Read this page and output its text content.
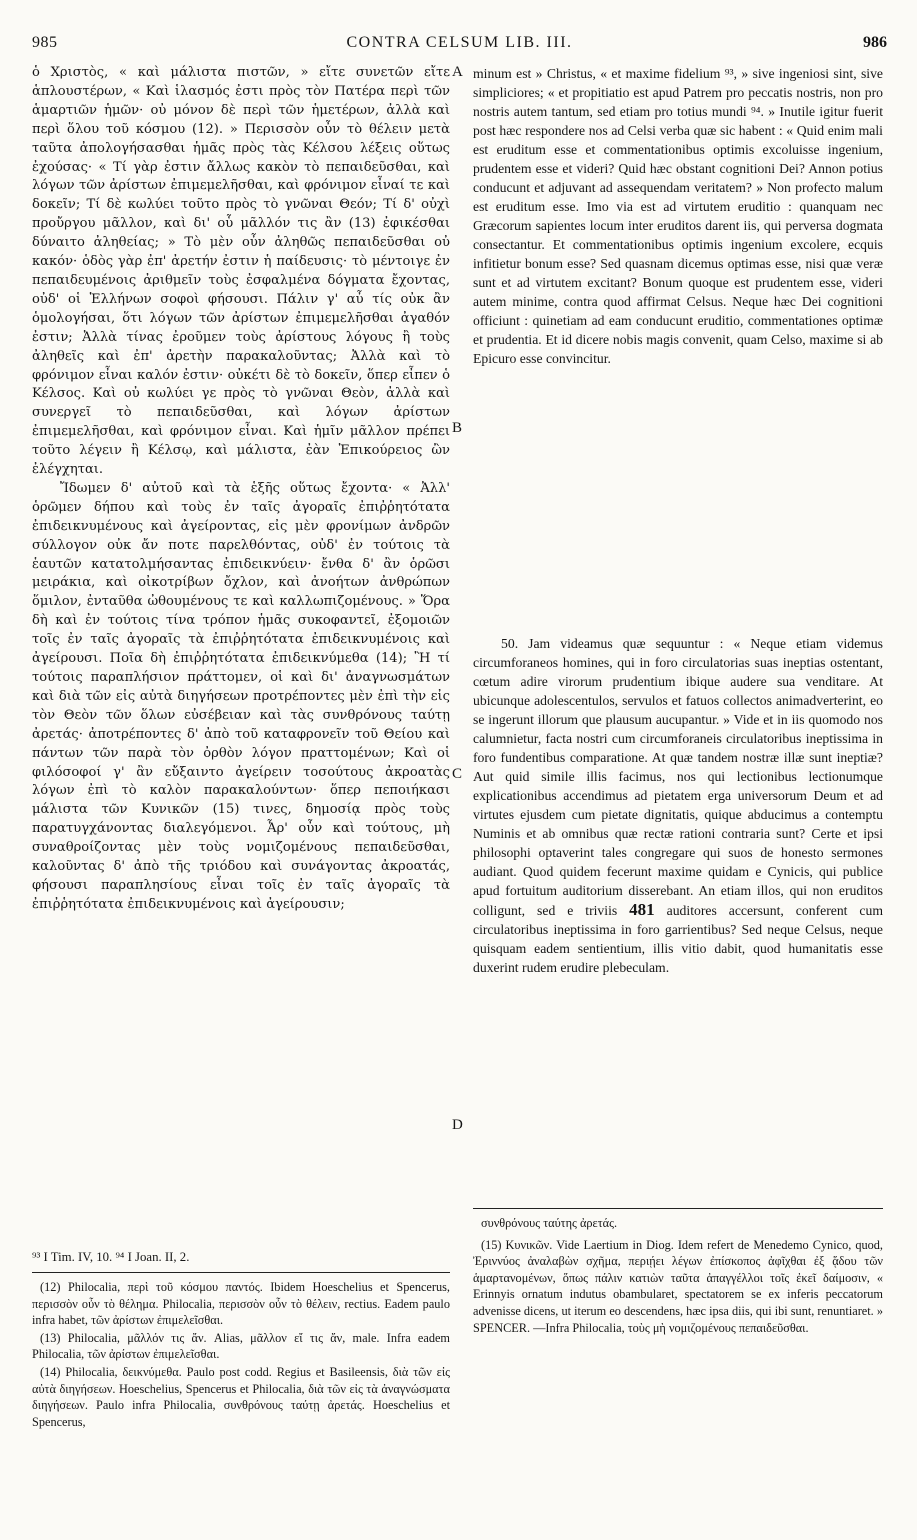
985	CONTRA CELSUM LIB. III.	986

ὁ Χριστὸς, « καὶ μάλιστα πιστῶν, » εἴτε συνετῶν εἴτε ἁπλουστέρων, « Καὶ ἱλασμός ἐστι πρὸς τὸν Πατέρα περὶ τῶν ἁμαρτιῶν ἡμῶν· οὐ μόνον δὲ περὶ τῶν ἡμετέρων, ἀλλὰ καὶ περὶ ὅλου τοῦ κόσμου (12). » Περισσὸν οὖν τὸ θέλειν μετὰ ταῦτα ἀπολογήσασθαι ἡμᾶς πρὸς τὰς Κέλσου λέξεις οὕτως ἐχούσας· « Τί γὰρ ἐστιν ἄλλως κακὸν τὸ πεπαιδεῦσθαι, καὶ λόγων τῶν ἀρίστων ἐπιμεμελῆσθαι, καὶ φρόνιμον εἶναί τε καὶ δοκεῖν; Τί δὲ κωλύει τοῦτο πρὸς τὸ γνῶναι Θεόν; Τί δ' οὐχὶ προὔργου μᾶλλον, καὶ δι' οὗ μᾶλλόν τις ἂν (13) ἐφικέσθαι δύναιτο ἀληθείας; » Τὸ μὲν οὖν ἀληθῶς πεπαιδεῦσθαι οὐ κακόν· ὁδὸς γὰρ ἐπ' ἀρετήν ἐστιν ἡ παίδευσις· τὸ μέντοιγε ἐν πεπαιδευμένοις ἀριθμεῖν τοὺς ἐσφαλμένα δόγματα ἔχοντας, οὐδ' οἱ Ἑλλήνων σοφοὶ φήσουσι. Πάλιν γ' αὖ τίς οὐκ ἂν ὁμολογήσαι, ὅτι λόγων τῶν ἀρίστων ἐπιμεμελῆσθαι ἀγαθόν ἐστιν; Ἀλλὰ τίνας ἐροῦμεν τοὺς ἀρίστους λόγους ἢ τοὺς ἀληθεῖς καὶ ἐπ' ἀρετὴν παρακαλοῦντας; Ἀλλὰ καὶ τὸ φρόνιμον εἶναι καλόν ἐστιν· οὐκέτι δὲ τὸ δοκεῖν, ὅπερ εἶπεν ὁ Κέλσος. Καὶ οὐ κωλύει γε πρὸς τὸ γνῶναι Θεὸν, ἀλλὰ καὶ συνεργεῖ τὸ πεπαιδεῦσθαι, καὶ λόγων ἀρίστων ἐπιμεμελῆσθαι, καὶ φρόνιμον εἶναι. Καὶ ἡμῖν μᾶλλον πρέπει τοῦτο λέγειν ἢ Κέλσῳ, καὶ μάλιστα, ἐὰν Ἐπικούρειος ὢν ἐλέγχηται.

Ἴδωμεν δ' αὐτοῦ καὶ τὰ ἑξῆς οὕτως ἔχοντα· « Ἀλλ' ὁρῶμεν δήπου καὶ τοὺς ἐν ταῖς ἀγοραῖς ἐπιῤῥητότατα ἐπιδεικνυμένους καὶ ἀγείροντας, εἰς μὲν φρονίμων ἀνδρῶν σύλλογον οὐκ ἄν ποτε παρελθόντας, οὐδ' ἐν τούτοις τὰ ἑαυτῶν κατατολμήσαντας ἐπιδεικνύειν· ἔνθα δ' ἂν ὁρῶσι μειράκια, καὶ οἰκοτρίβων ὄχλον, καὶ ἀνοήτων ἀνθρώπων ὅμιλον, ἐνταῦθα ὠθουμένους τε καὶ καλλωπιζομένους. » Ὅρα δὴ καὶ ἐν τούτοις τίνα τρόπον ἡμᾶς συκοφαντεῖ, ἐξομοιῶν τοῖς ἐν ταῖς ἀγοραῖς τὰ ἐπιῤῥητότατα ἐπιδεικνυμένοις καὶ ἀγείρουσι. Ποῖα δὴ ἐπιῤῥητότατα ἐπιδεικνύμεθα (14); Ἢ τί τούτοις παραπλήσιον πράττομεν, οἱ καὶ δι' ἀναγνωσμάτων καὶ διὰ τῶν εἰς αὐτὰ διηγήσεων προτρέποντες μὲν ἐπὶ τὴν εἰς τὸν Θεὸν τῶν ὅλων εὐσέβειαν καὶ τὰς συνθρόνους ταύτῃ ἀρετάς· ἀποτρέποντες δ' ἀπὸ τοῦ καταφρονεῖν τοῦ Θείου καὶ πάντων τῶν παρὰ τὸν ὀρθὸν λόγον πραττομένων; Καὶ οἱ φιλόσοφοί γ' ἂν εὔξαιντο ἀγείρειν τοσούτους ἀκροατὰς λόγων ἐπὶ τὸ καλὸν παρακαλούντων· ὅπερ πεποιήκασι μάλιστα τῶν Κυνικῶν (15) τινες, δημοσίᾳ πρὸς τοὺς παρατυγχάνοντας διαλεγόμενοι. Ἆρ' οὖν καὶ τούτους, μὴ συναθροίζοντας μὲν τοὺς νομιζομένους πεπαιδεῦσθαι, καλοῦντας δ' ἀπὸ τῆς τριόδου καὶ συνάγοντας ἀκροατάς, φήσουσι παραπλησίους εἶναι τοῖς ἐν ταῖς ἀγοραῖς τὰ ἐπιῤῥητότατα ἐπιδεικνυμένοις καὶ ἀγείρουσιν;

A
B
C
D

minum est » Christus, « et maxime fidelium ⁹³, » sive ingeniosi sint, sive simpliciores; « et propitiatio est apud Patrem pro peccatis nostris, non pro nostris autem tantum, sed etiam pro totius mundi ⁹⁴. » Inutile igitur fuerit post hæc respondere nos ad Celsi verba quæ sic habent : « Quid enim mali est eruditum esse et commentationibus optimis excoluisse ingenium, prudentem esse et videri? Quid hæc obstant cognitioni Dei? Annon potius conducunt et adjuvant ad assequendam veritatem? » Non profecto malum est eruditum esse. Imo via est ad virtutem eruditio : quanquam nec Græcorum sapientes locum inter eruditos darent iis, qui perversa dogmata consectantur. Et commentationibus optimis ingenium excolere, ecquis infitietur bonum esse? Sed quasnam dicemus optimas esse, nisi quæ veræ sunt et ad virtutem excitant? Bonum quoque est prudentem esse, videri autem minime, contra quod affirmat Celsus. Neque hæc Dei cognitioni officiunt : quinetiam ad eam conducunt eruditio, commentationes optimæ et prudentia. Et id dicere nobis magis convenit, quam Celso, maxime si ab Epicuro esse convincitur.

50. Jam videamus quæ sequuntur : « Neque etiam videmus circumforaneos homines, qui in foro circulatorias suas ineptias ostentant, cœtum adire virorum prudentium ibique audere sua venditare. At ubicunque adolescentulos, servulos et fatuos collectos animadverterint, eo se ingerunt illorum que plausum aucupantur. » Vide et in iis quomodo nos calumnietur, facta nostri cum circumforaneis circulatoribus ineptissima in foro fundentibus comparatione. At quæ tandem nostræ illæ sunt ineptiæ? Aut quid simile illis facimus, nos qui lectionibus lectionumque explicationibus accendimus ad pietatem erga universorum Deum et ad virtutes ejusdem cum pietate dignitatis, quique abducimus a contemptu Numinis et ab omnibus quæ rectæ rationi contraria sunt? Certe et ipsi philosophi optaverint tales congregare qui suos de honesto sermones audiant. Quod quidem fecerunt maxime quidam e Cynicis, qui publice apud fortuitum auditorium disserebant. An etiam illos, qui non eruditos colligunt, sed e triviis 481 auditores accersunt, conferent cum circulatoribus ineptissima in foro garrientibus? Sed neque Celsus, neque quisquam eadem sentientium, illis vitio dabit, quod humanitatis esse duxerint rudem erudire plebeculam.

⁹³ I Tim. IV, 10. ⁹⁴ I Joan. II, 2.

(12) Philocalia, περὶ τοῦ κόσμου παντός. Ibidem Hoeschelius et Spencerus, περισσὸν οὖν τὸ θέλημα. Philocalia, περισσὸν οὖν τὸ θέλειν, rectius. Eadem paulo infra habet, τῶν ἀρίστων ἐπιμελεῖσθαι.

(13) Philocalia, μᾶλλόν τις ἄν. Alias, μᾶλλον εἴ τις ἄν, male. Infra eadem Philocalia, τῶν ἀρίστων ἐπιμελεῖσθαι.

(14) Philocalia, δεικνύμεθα. Paulo post codd. Regius et Basileensis, διὰ τῶν εἰς αὐτὰ διηγήσεων. Hoeschelius, Spencerus et Philocalia, διὰ τῶν εἰς τὰ ἀναγνώσματα διηγήσεων. Paulo infra Philocalia, συνθρόνους ταύτῃ ἀρετάς. Hoeschelius et Spencerus,

συνθρόνους ταύτης ἀρετάς.

(15) Κυνικῶν. Vide Laertium in Diog. Idem refert de Menedemo Cynico, quod, Ἐριννύος ἀναλαβὼν σχῆμα, περιῄει λέγων ἐπίσκοπος ἀφῖχθαι ἐξ ᾅδου τῶν ἁμαρτανομένων, ὅπως πάλιν κατιὼν ταῦτα ἀπαγγέλλοι τοῖς ἐκεῖ δαίμοσιν, « Erinnyis ornatum indutus obambularet, spectatorem se ex inferis peccatorum advenisse dicens, ut iterum eo descendens, hæc ipsa diis, qui ibi sunt, renuntiaret. » SPENCER. —Infra Philocalia, τοὺς μὴ νομιζομένους πεπαιδεῦσθαι.
